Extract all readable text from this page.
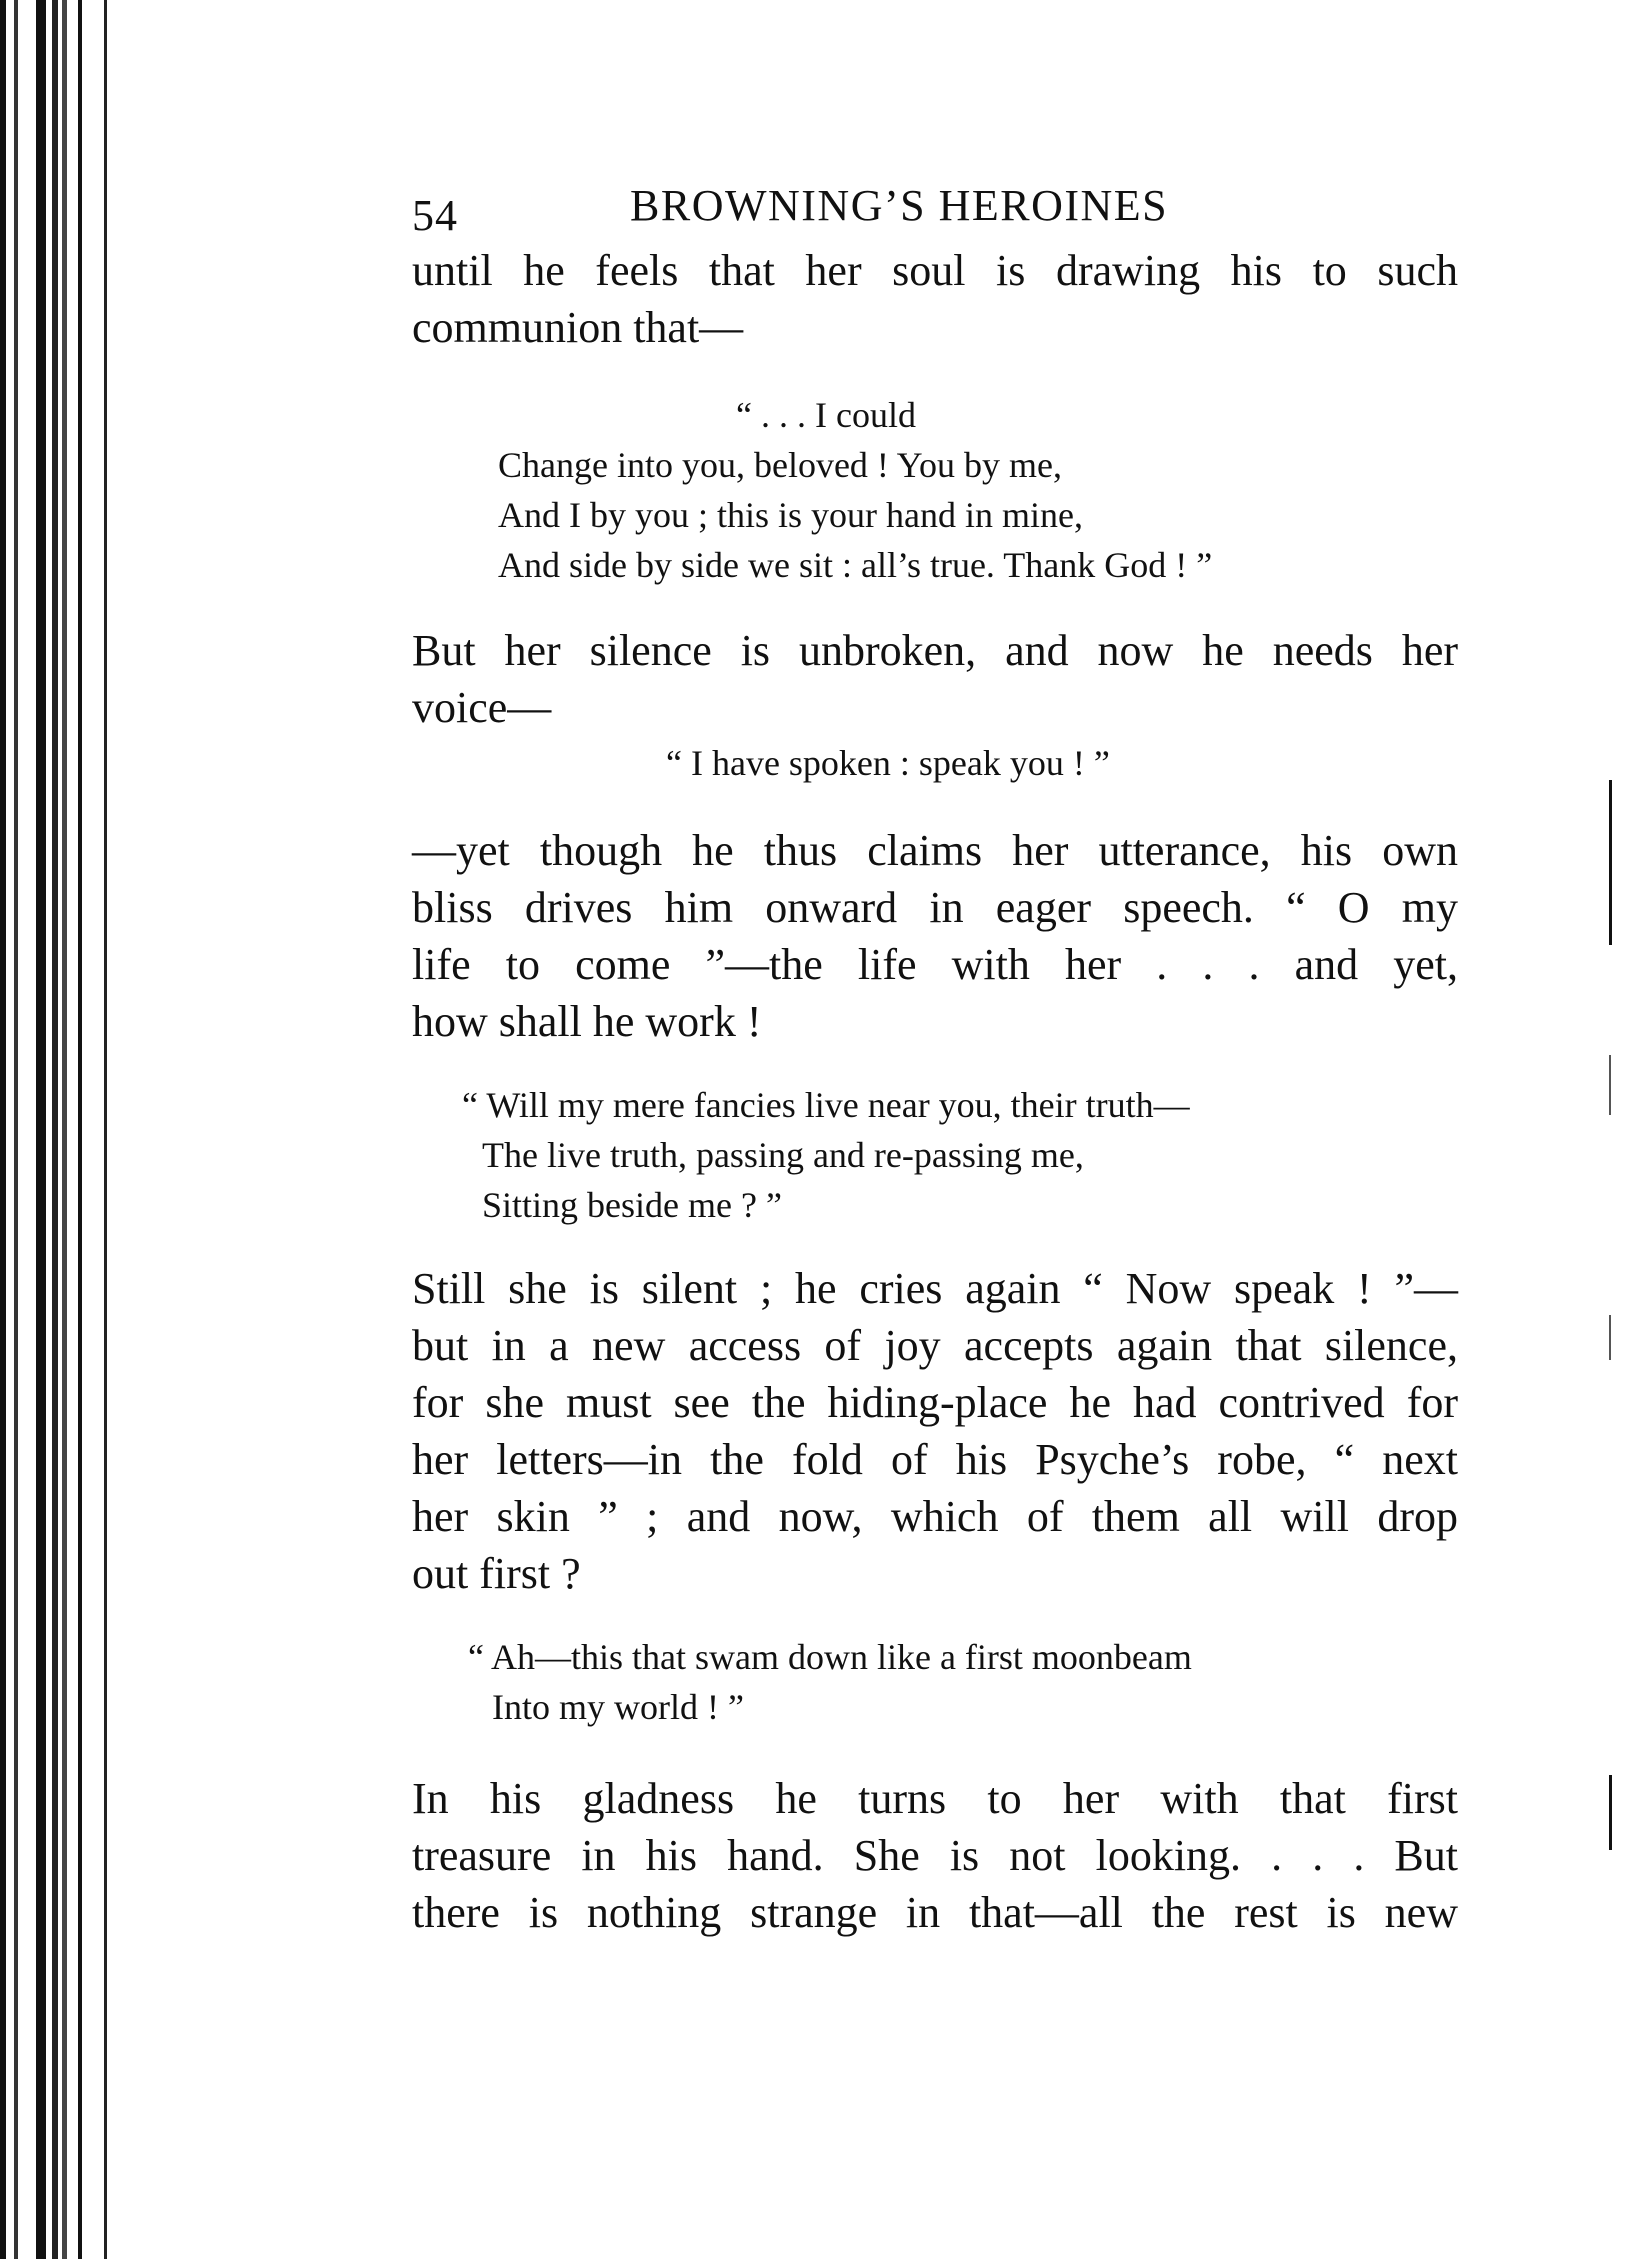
54	BROWNING’S HEROINES
until he feels that her soul is drawing his to such
communion that—
“ . . . I could
Change into you, beloved ! You by me,
And I by you ; this is your hand in mine,
And side by side we sit : all’s true. Thank God ! ”
But her silence is unbroken, and now he needs her
voice—
“ I have spoken : speak you ! ”
—yet though he thus claims her utterance, his own
bliss drives him onward in eager speech. “ O my
life to come ”—the life with her . . . and yet,
how shall he work !
“ Will my mere fancies live near you, their truth—
The live truth, passing and re-passing me,
Sitting beside me ? ”
Still she is silent ; he cries again “ Now speak ! ”—
but in a new access of joy accepts again that silence,
for she must see the hiding-place he had contrived for
her letters—in the fold of his Psyche’s robe, “ next
her skin ” ; and now, which of them all will drop
out first ?
“ Ah—this that swam down like a first moonbeam
Into my world ! ”
In his gladness he turns to her with that first
treasure in his hand. She is not looking. . . . But
there is nothing strange in that—all the rest is new
